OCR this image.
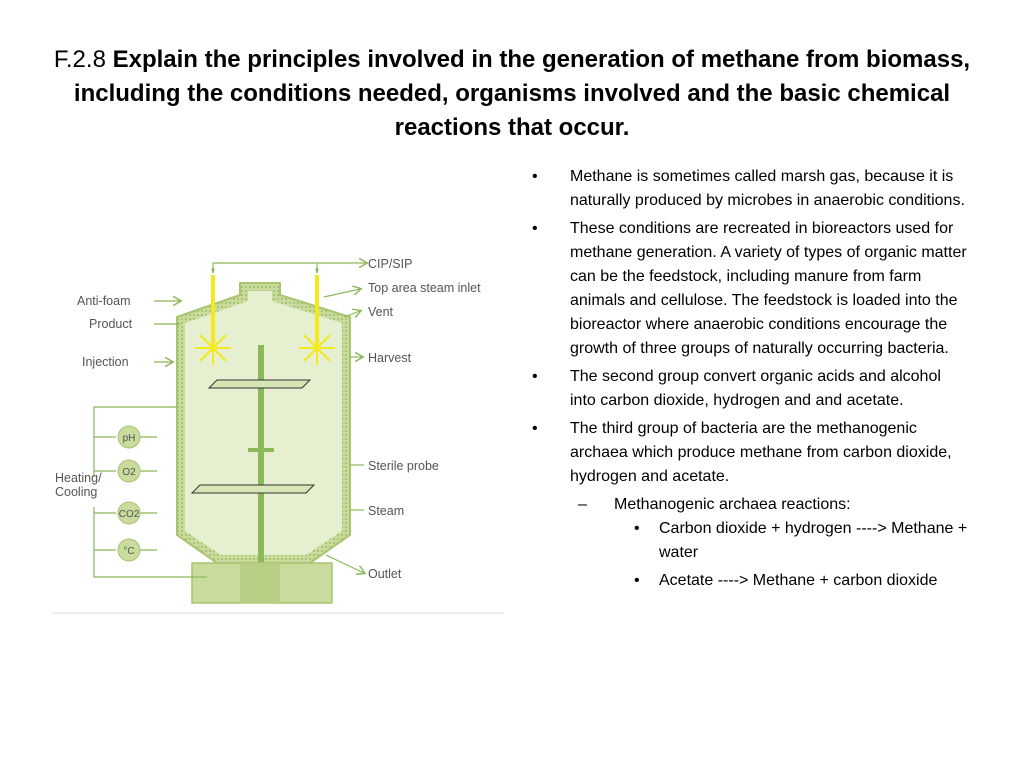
F.2.8 Explain the principles involved in the generation of methane from biomass, including the conditions needed, organisms involved and the basic chemical reactions that occur.
pH
O2
CO2
°C
CIP/SIP
Top area steam inlet
Vent
Harvest
Sterile probe
Steam
Outlet
Anti-foam
Product
Injection
Heating/
Cooling
• Methane is sometimes called marsh gas, because it is naturally produced by microbes in anaerobic conditions.
• These conditions are recreated in bioreactors used for methane generation. A variety of types of organic matter can be the feedstock, including manure from farm animals and cellulose. The feedstock is loaded into the bioreactor where anaerobic conditions encourage the growth of three groups of naturally occurring bacteria.
• The second group convert organic acids and alcohol into carbon dioxide, hydrogen and and acetate.
• The third group of bacteria are the methanogenic archaea which produce methane from carbon dioxide, hydrogen and acetate.
– Methanogenic archaea reactions:
• Carbon dioxide + hydrogen ----> Methane + water
• Acetate ----> Methane + carbon dioxide
